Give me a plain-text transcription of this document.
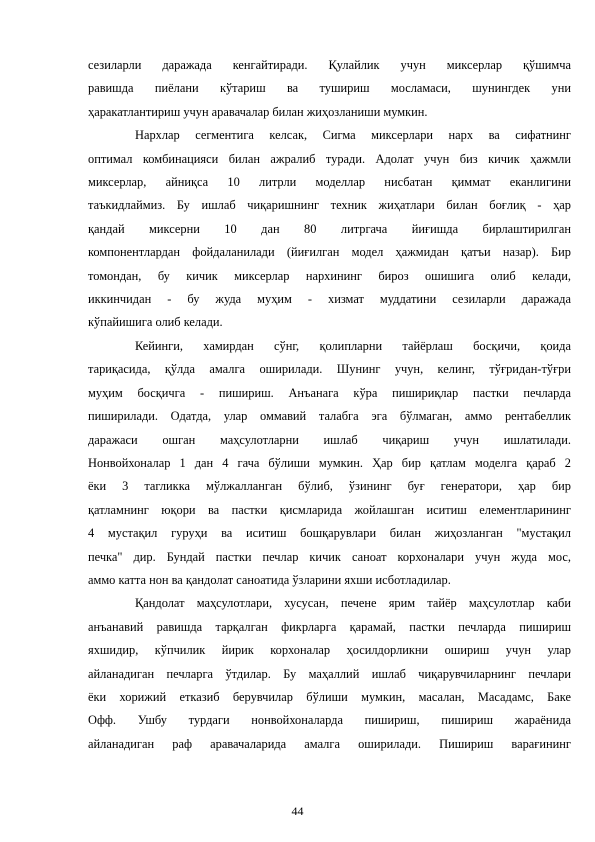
сезиларли даражада кенгайтиради. Қулайлик учун миксерлар қўшимча
равишда пиёлани кўтариш ва тушириш мосламаси, шунингдек уни
ҳаракатлантириш учун аравачалар билан жиҳозланиши мумкин.

Нархлар сегментига келсак, Сигма миксерлари нарх ва сифатнинг
оптимал комбинацияси билан ажралиб туради. Адолат учун биз кичик ҳажмли
миксерлар, айниқса 10 литрли моделлар нисбатан қиммат еканлигини
таъкидлаймиз. Бу ишлаб чиқаришнинг техник жиҳатлари билан боғлиқ - ҳар
қандай миксерни 10 дан 80 литргача йиғишда бирлаштирилган
компонентлардан фойдаланилади (йиғилган модел ҳажмидан қатъи назар). Бир
томондан, бу кичик миксерлар нархининг бироз ошишига олиб келади,
иккинчидан - бу жуда муҳим - хизмат муддатини сезиларли даражада
кўпайишига олиб келади.

Кейинги, хамирдан сўнг, қолипларни тайёрлаш босқичи, қоида
тариқасида, қўлда амалга оширилади. Шунинг учун, келинг, тўғридан-тўғри
муҳим босқичга - пишириш. Анъанага кўра пишириқлар пастки печларда
пиширилади. Одатда, улар оммавий талабга эга бўлмаган, аммо рентабеллик
даражаси ошган маҳсулотларни ишлаб чиқариш учун ишлатилади.
Нонвойхоналар 1 дан 4 гача бўлиши мумкин. Ҳар бир қатлам моделга қараб 2
ёки 3 тагликка мўлжалланган бўлиб, ўзининг буғ генератори, ҳар бир
қатламнинг юқори ва пастки қисмларида жойлашган иситиш елементларининг
4 мустақил гуруҳи ва иситиш бошқарувлари билан жиҳозланган "мустақил
печка" дир. Бундай пастки печлар кичик саноат корхоналари учун жуда мос,
аммо катта нон ва қандолат саноатида ўзларини яхши исботладилар.

Қандолат маҳсулотлари, хусусан, печене ярим тайёр маҳсулотлар каби
анъанавий равишда тарқалган фикрларга қарамай, пастки печларда пишириш
яхшидир, кўпчилик йирик корхоналар ҳосилдорликни ошириш учун улар
айланадиган печларга ўтдилар. Бу маҳаллий ишлаб чиқарувчиларнинг печлари
ёки хорижий етказиб берувчилар бўлиши мумкин, масалан, Масадамс, Баке
Офф. Ушбу турдаги нонвойхоналарда пишириш, пишириш жараёнида
айланадиган раф аравачаларида амалга оширилади. Пишириш варағининг

44
